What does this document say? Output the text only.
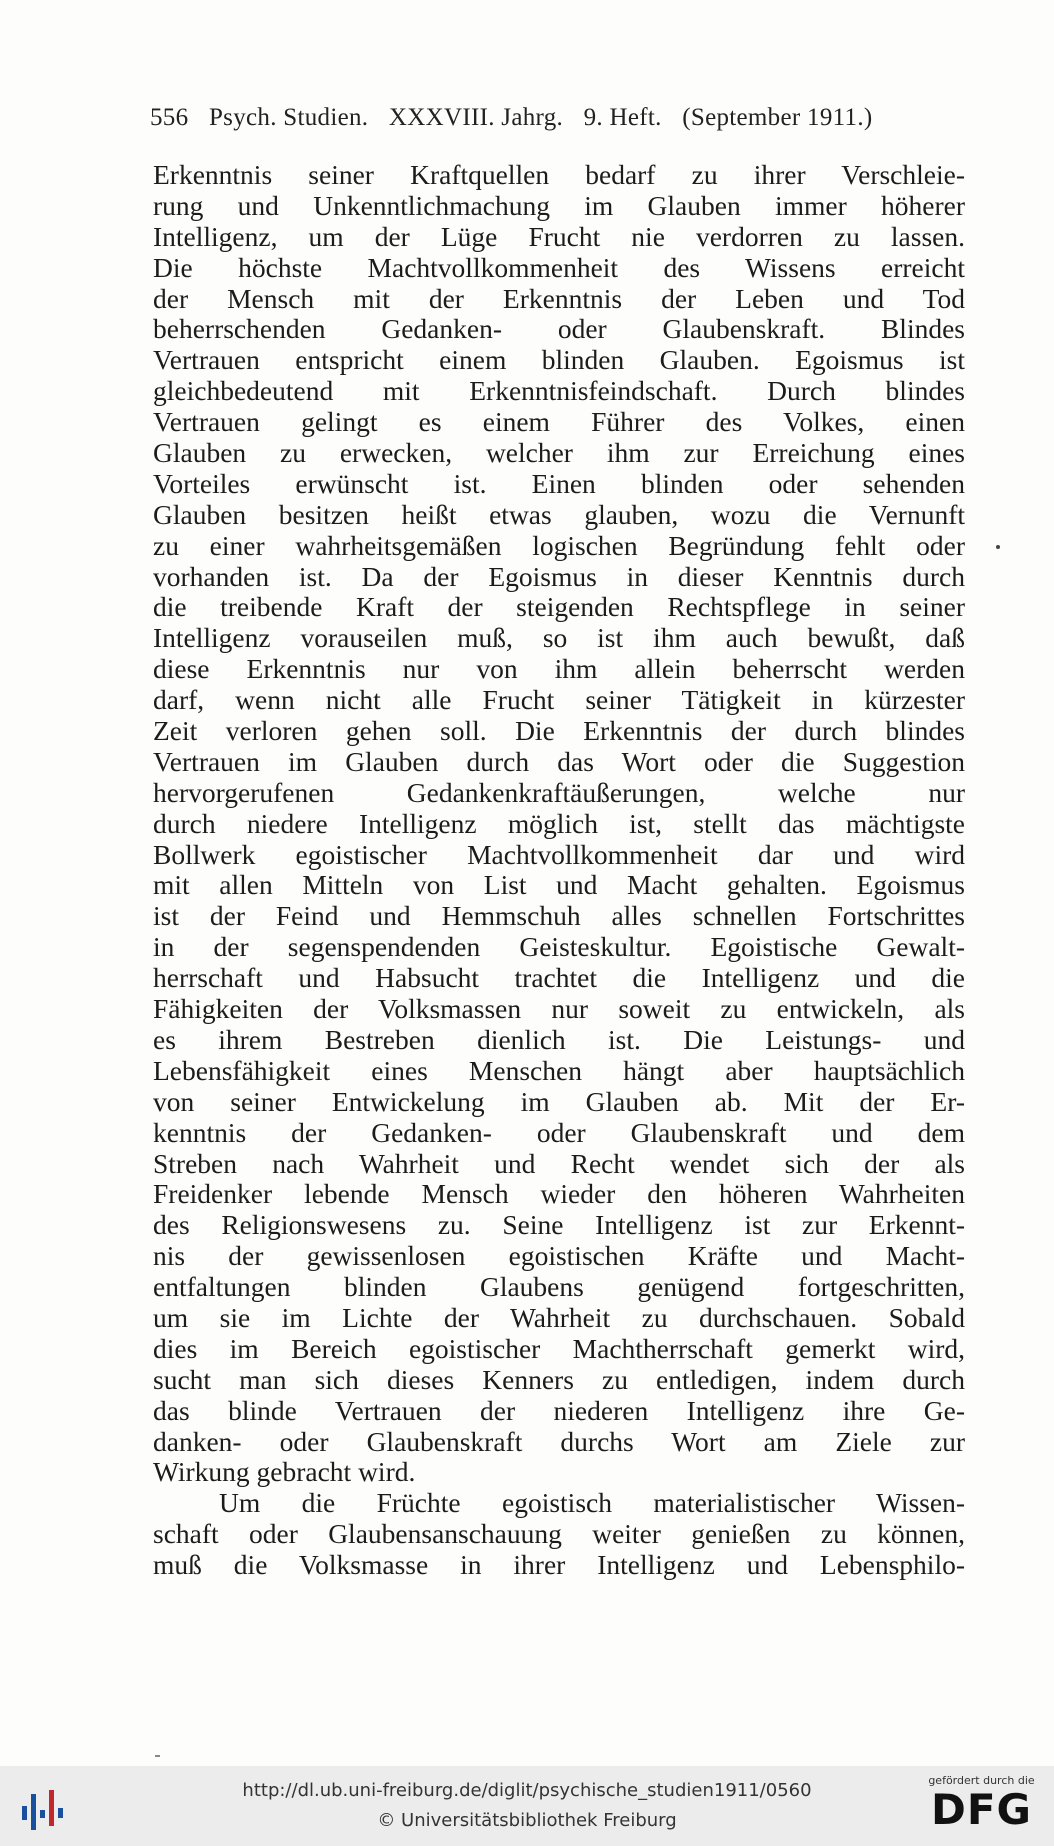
556 Psych. Studien. XXXVIII. Jahrg. 9. Heft. (September 1911.)
Erkenntnis seiner Kraftquellen bedarf zu ihrer Verschleie-
rung und Unkenntlichmachung im Glauben immer höherer
Intelligenz, um der Lüge Frucht nie verdorren zu lassen.
Die höchste Machtvollkommenheit des Wissens erreicht
der Mensch mit der Erkenntnis der Leben und Tod
beherrschenden Gedanken- oder Glaubenskraft. Blindes
Vertrauen entspricht einem blinden Glauben. Egoismus ist
gleichbedeutend mit Erkenntnisfeindschaft. Durch blindes
Vertrauen gelingt es einem Führer des Volkes, einen
Glauben zu erwecken, welcher ihm zur Erreichung eines
Vorteiles erwünscht ist. Einen blinden oder sehenden
Glauben besitzen heißt etwas glauben, wozu die Vernunft
zu einer wahrheitsgemäßen logischen Begründung fehlt oder
vorhanden ist. Da der Egoismus in dieser Kenntnis durch
die treibende Kraft der steigenden Rechtspflege in seiner
Intelligenz vorauseilen muß, so ist ihm auch bewußt, daß
diese Erkenntnis nur von ihm allein beherrscht werden
darf, wenn nicht alle Frucht seiner Tätigkeit in kürzester
Zeit verloren gehen soll. Die Erkenntnis der durch blindes
Vertrauen im Glauben durch das Wort oder die Suggestion
hervorgerufenen Gedankenkraftäußerungen, welche nur
durch niedere Intelligenz möglich ist, stellt das mächtigste
Bollwerk egoistischer Machtvollkommenheit dar und wird
mit allen Mitteln von List und Macht gehalten. Egoismus
ist der Feind und Hemmschuh alles schnellen Fortschrittes
in der segenspendenden Geisteskultur. Egoistische Gewalt-
herrschaft und Habsucht trachtet die Intelligenz und die
Fähigkeiten der Volksmassen nur soweit zu entwickeln, als
es ihrem Bestreben dienlich ist. Die Leistungs- und
Lebensfähigkeit eines Menschen hängt aber hauptsächlich
von seiner Entwickelung im Glauben ab. Mit der Er-
kenntnis der Gedanken- oder Glaubenskraft und dem
Streben nach Wahrheit und Recht wendet sich der als
Freidenker lebende Mensch wieder den höheren Wahrheiten
des Religionswesens zu. Seine Intelligenz ist zur Erkennt-
nis der gewissenlosen egoistischen Kräfte und Macht-
entfaltungen blinden Glaubens genügend fortgeschritten,
um sie im Lichte der Wahrheit zu durchschauen. Sobald
dies im Bereich egoistischer Machtherrschaft gemerkt wird,
sucht man sich dieses Kenners zu entledigen, indem durch
das blinde Vertrauen der niederen Intelligenz ihre Ge-
danken- oder Glaubenskraft durchs Wort am Ziele zur
Wirkung gebracht wird.
Um die Früchte egoistisch materialistischer Wissen-
schaft oder Glaubensanschauung weiter genießen zu können,
muß die Volksmasse in ihrer Intelligenz und Lebensphilo-
http://dl.ub.uni-freiburg.de/diglit/psychische_studien1911/0560
© Universitätsbibliothek Freiburg
gefördert durch die
DFG
